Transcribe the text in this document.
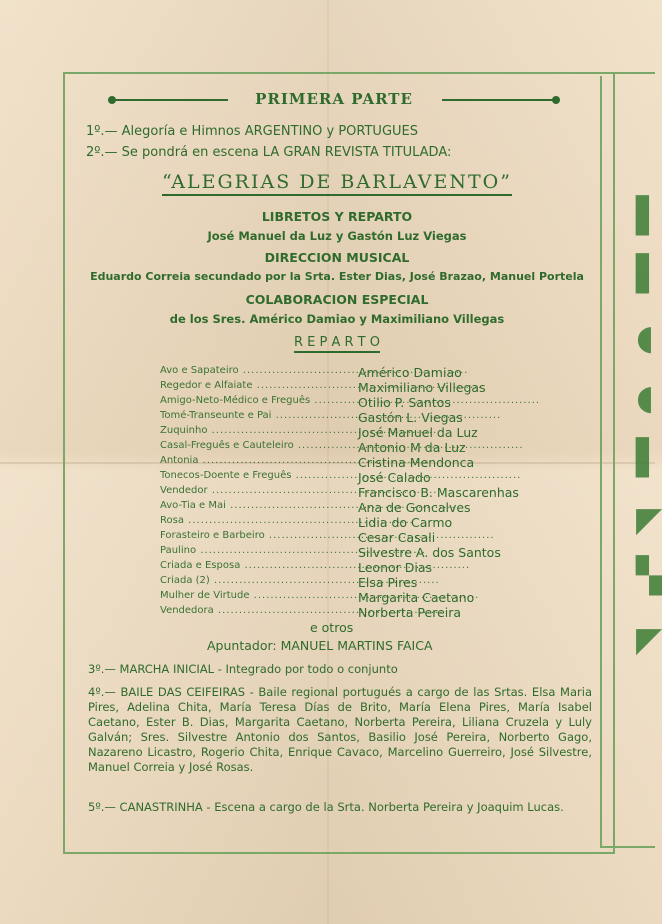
▌
▌
◖
◖
▌
◤
▚
◤
PRIMERA PARTE
1º.— Alegoría e Himnos ARGENTINO y PORTUGUES
2º.— Se pondrá en escena LA GRAN REVISTA TITULADA:
“ALEGRIAS DE BARLAVENTO”
LIBRETOS Y REPARTO
José Manuel da Luz y Gastón Luz Viegas
DIRECCION MUSICAL
Eduardo Correia secundado por la Srta. Ester Dias, José Brazao, Manuel Portela
COLABORACION ESPECIAL
de los Sres. Américo Damiao y Maximiliano Villegas
R E P A R T O
Avo e Sapateiro .....	Américo Damiao
Regedor e Alfaiate .....	Maximiliano Villegas
Amigo-Neto-Médico e Freguês .....	Otilio P. Santos
Tomé-Transeunte e Pai .....	Gastón L. Viegas
Zuquinho .....	José Manuel da Luz
Casal-Freguês e Cauteleiro .....	Antonio M da Luz
Antonia .....	Cristina Mendonca
Tonecos-Doente e Freguês .....	José Calado
Vendedor .....	Francisco B. Mascarenhas
Avo-Tia e Mai .....	Ana de Goncalves
Rosa .....	Lidia do Carmo
Forasteiro e Barbeiro .....	Cesar Casali
Paulino .....	Silvestre A. dos Santos
Criada e Esposa .....	Leonor Dias
Criada (2) .....	Elsa Pires
Mulher de Virtude .....	Margarita Caetano
Vendedora .....	Norberta Pereira
e otros
Apuntador: MANUEL MARTINS FAICA
3º.— MARCHA INICIAL - Integrado por todo o conjunto
4º.— BAILE DAS CEIFEIRAS - Baile regional portugués a cargo de las Srtas. Elsa Maria Pires, Adelina Chita, María Teresa Días de Brito, María Elena Pires, María Isabel Caetano, Ester B. Dias, Margarita Caetano, Norberta Pereira, Liliana Cruzela y Luly Galván; Sres. Silvestre Antonio dos Santos, Basilio José Pereira, Norberto Gago, Nazareno Licastro, Rogerio Chita, Enrique Cavaco, Marcelino Guerreiro, José Silvestre, Manuel Correia y José Rosas.
5º.— CANASTRINHA - Escena a cargo de la Srta. Norberta Pereira y Joaquim Lucas.
